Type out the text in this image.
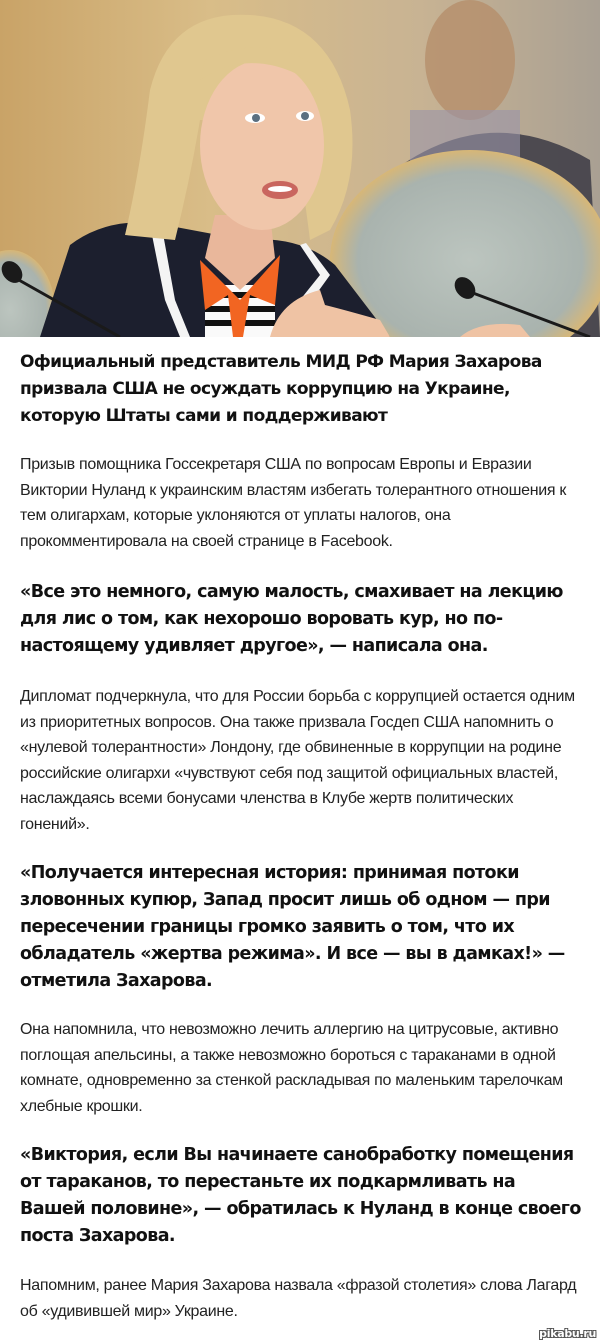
Официальный представитель МИД РФ Мария Захарова призвала США не осуждать коррупцию на Украине, которую Штаты сами и поддерживают

Призыв помощника Госсекретаря США по вопросам Европы и Евразии Виктории Нуланд к украинским властям избегать толерантного отношения к тем олигархам, которые уклоняются от уплаты налогов, она прокомментировала на своей странице в Facebook.

«Все это немного, самую малость, смахивает на лекцию для лис о том, как нехорошо воровать кур, но по-настоящему удивляет другое», — написала она.

Дипломат подчеркнула, что для России борьба с коррупцией остается одним из приоритетных вопросов. Она также призвала Госдеп США напомнить о «нулевой толерантности» Лондону, где обвиненные в коррупции на родине российские олигархи «чувствуют себя под защитой официальных властей, наслаждаясь всеми бонусами членства в Клубе жертв политических гонений».

«Получается интересная история: принимая потоки зловонных купюр, Запад просит лишь об одном — при пересечении границы громко заявить о том, что их обладатель «жертва режима». И все — вы в дамках!» — отметила Захарова.

Она напомнила, что невозможно лечить аллергию на цитрусовые, активно поглощая апельсины, а также невозможно бороться с тараканами в одной комнате, одновременно за стенкой раскладывая по маленьким тарелочкам хлебные крошки.

«Виктория, если Вы начинаете санобработку помещения от тараканов, то перестаньте их подкармливать на Вашей половине», — обратилась к Нуланд в конце своего поста Захарова.

Напомним, ранее Мария Захарова назвала «фразой столетия» слова Лагард об «удивившей мир» Украине.

pikabu.ru
